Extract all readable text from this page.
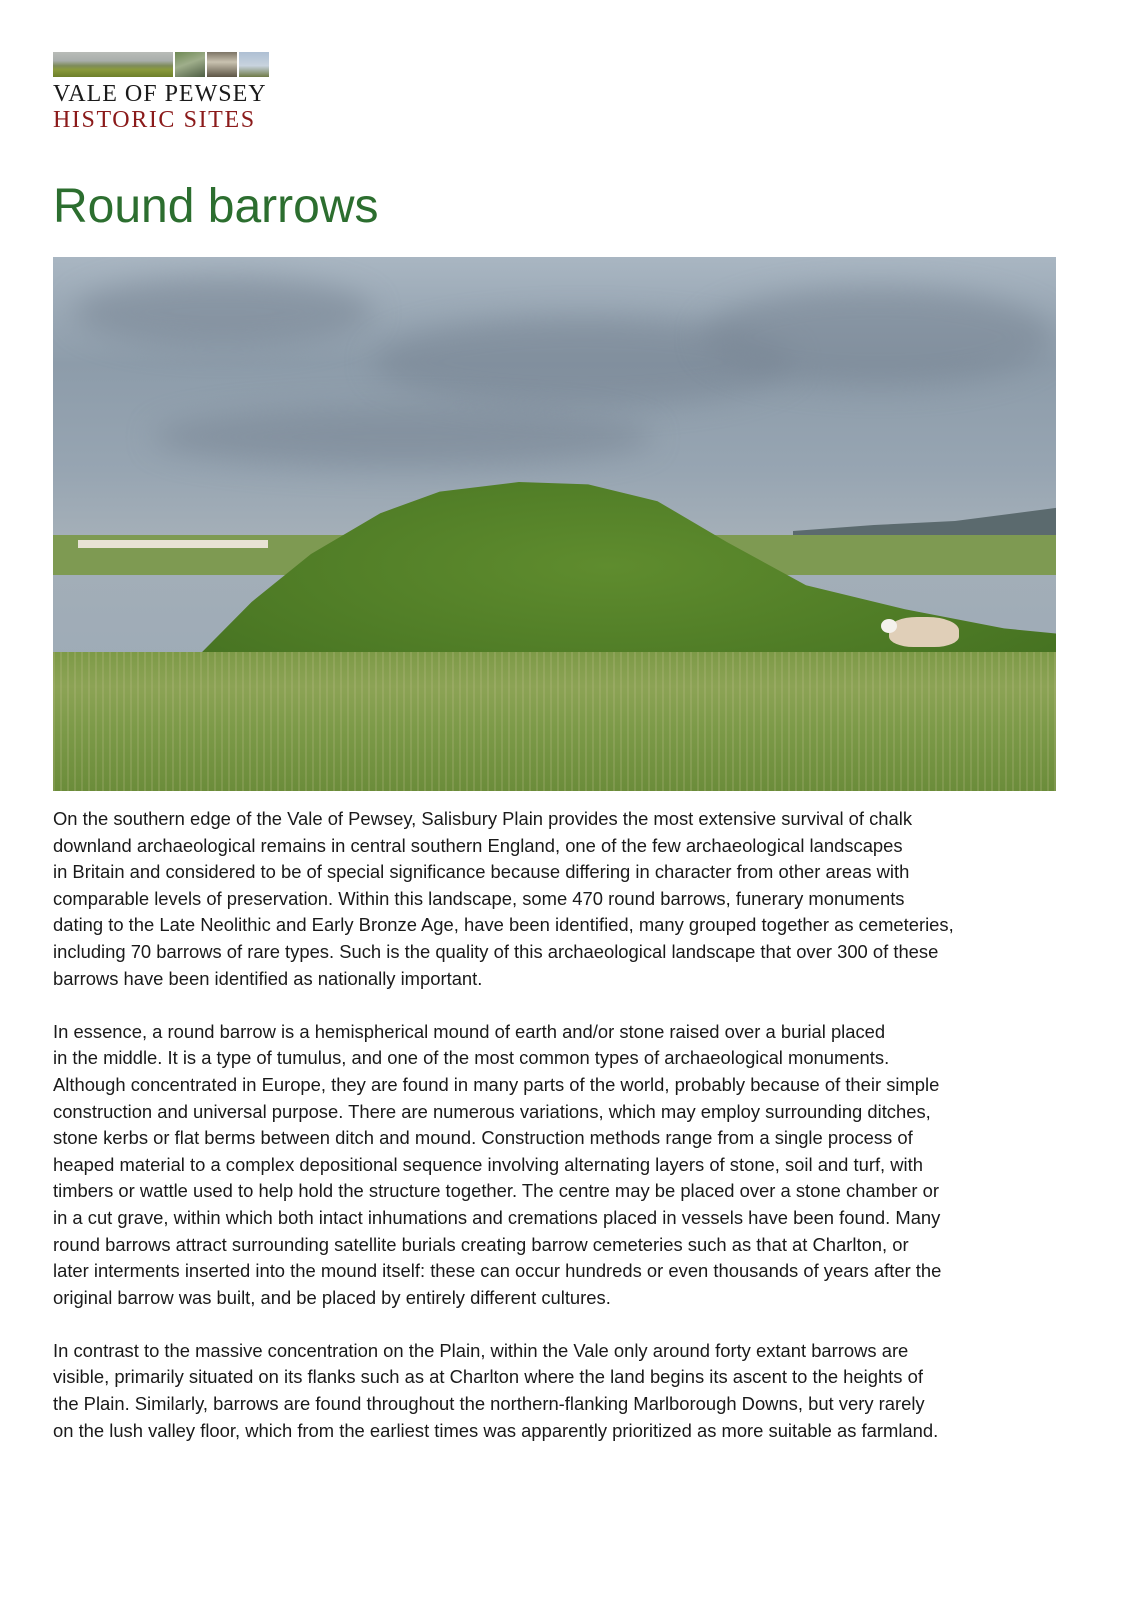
VALE OF PEWSEY
HISTORIC SITES
Round barrows

On the southern edge of the Vale of Pewsey, Salisbury Plain provides the most extensive survival of chalk
downland archaeological remains in central southern England, one of the few archaeological landscapes
in Britain and considered to be of special significance because differing in character from other areas with
comparable levels of preservation. Within this landscape, some 470 round barrows, funerary monuments
dating to the Late Neolithic and Early Bronze Age, have been identified, many grouped together as cemeteries,
including 70 barrows of rare types. Such is the quality of this archaeological landscape that over 300 of these
barrows have been identified as nationally important.

In essence, a round barrow is a hemispherical mound of earth and/or stone raised over a burial placed
in the middle. It is a type of tumulus, and one of the most common types of archaeological monuments.
Although concentrated in Europe, they are found in many parts of the world, probably because of their simple
construction and universal purpose. There are numerous variations, which may employ surrounding ditches,
stone kerbs or flat berms between ditch and mound. Construction methods range from a single process of
heaped material to a complex depositional sequence involving alternating layers of stone, soil and turf, with
timbers or wattle used to help hold the structure together. The centre may be placed over a stone chamber or
in a cut grave, within which both intact inhumations and cremations placed in vessels have been found. Many
round barrows attract surrounding satellite burials creating barrow cemeteries such as that at Charlton, or
later interments inserted into the mound itself: these can occur hundreds or even thousands of years after the
original barrow was built, and be placed by entirely different cultures.

In contrast to the massive concentration on the Plain, within the Vale only around forty extant barrows are
visible, primarily situated on its flanks such as at Charlton where the land begins its ascent to the heights of
the Plain. Similarly, barrows are found throughout the northern-flanking Marlborough Downs, but very rarely
on the lush valley floor, which from the earliest times was apparently prioritized as more suitable as farmland.
